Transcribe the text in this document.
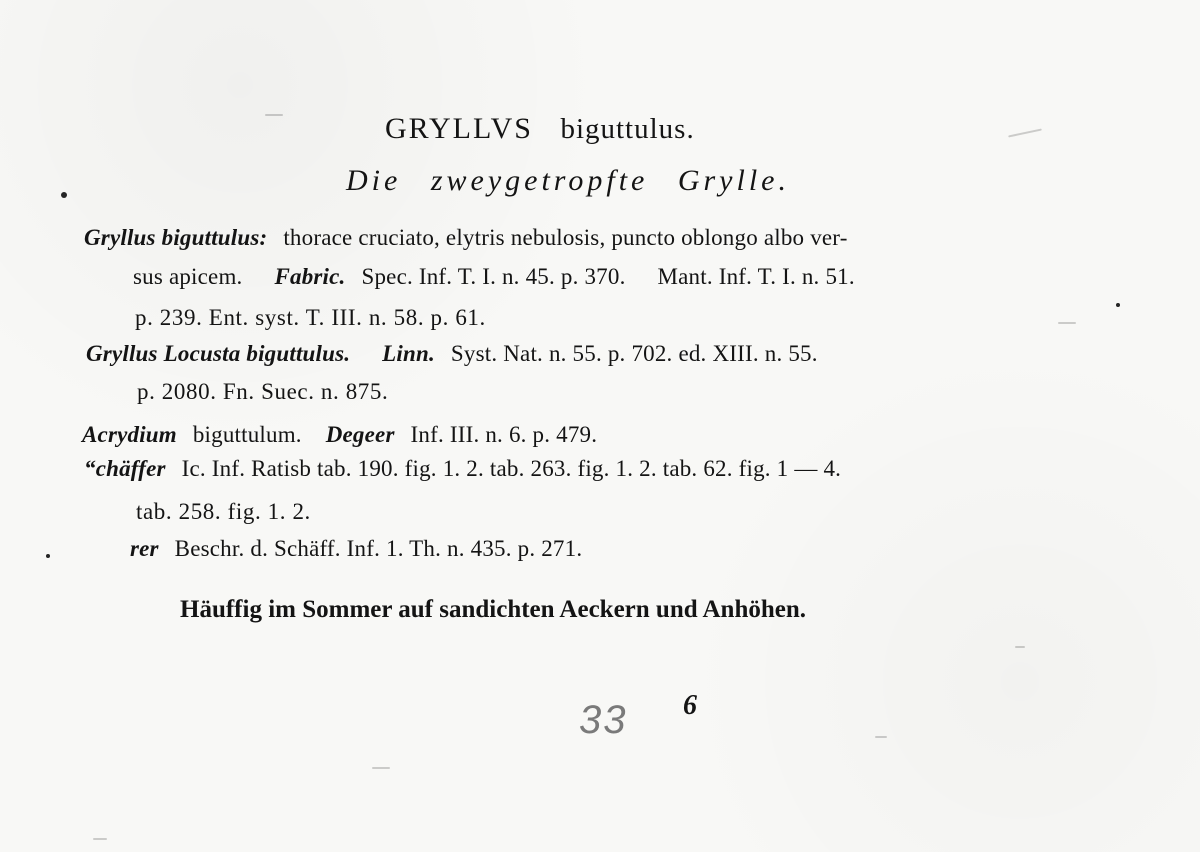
GRYLLVS biguttulus.
Die zweygetropfte Grylle.
Gryllus biguttulus: thorace cruciato, elytris nebulosis, puncto oblongo albo ver-
sus apicem. Fabric. Spec. Inf. T. I. n. 45. p. 370. Mant. Inf. T. I. n. 51.
p. 239. Ent. syst. T. III. n. 58. p. 61.
Gryllus Locusta biguttulus. Linn. Syst. Nat. n. 55. p. 702. ed. XIII. n. 55.
p. 2080. Fn. Suec. n. 875.
Acrydium biguttulum. Degeer Inf. III. n. 6. p. 479.
“chäffer Ic. Inf. Ratisb tab. 190. fig. 1. 2. tab. 263. fig. 1. 2. tab. 62. fig. 1 — 4.
tab. 258. fig. 1. 2.
rer Beschr. d. Schäff. Inf. 1. Th. n. 435. p. 271.
Häuffig im Sommer auf sandichten Aeckern und Anhöhen.
33 6
